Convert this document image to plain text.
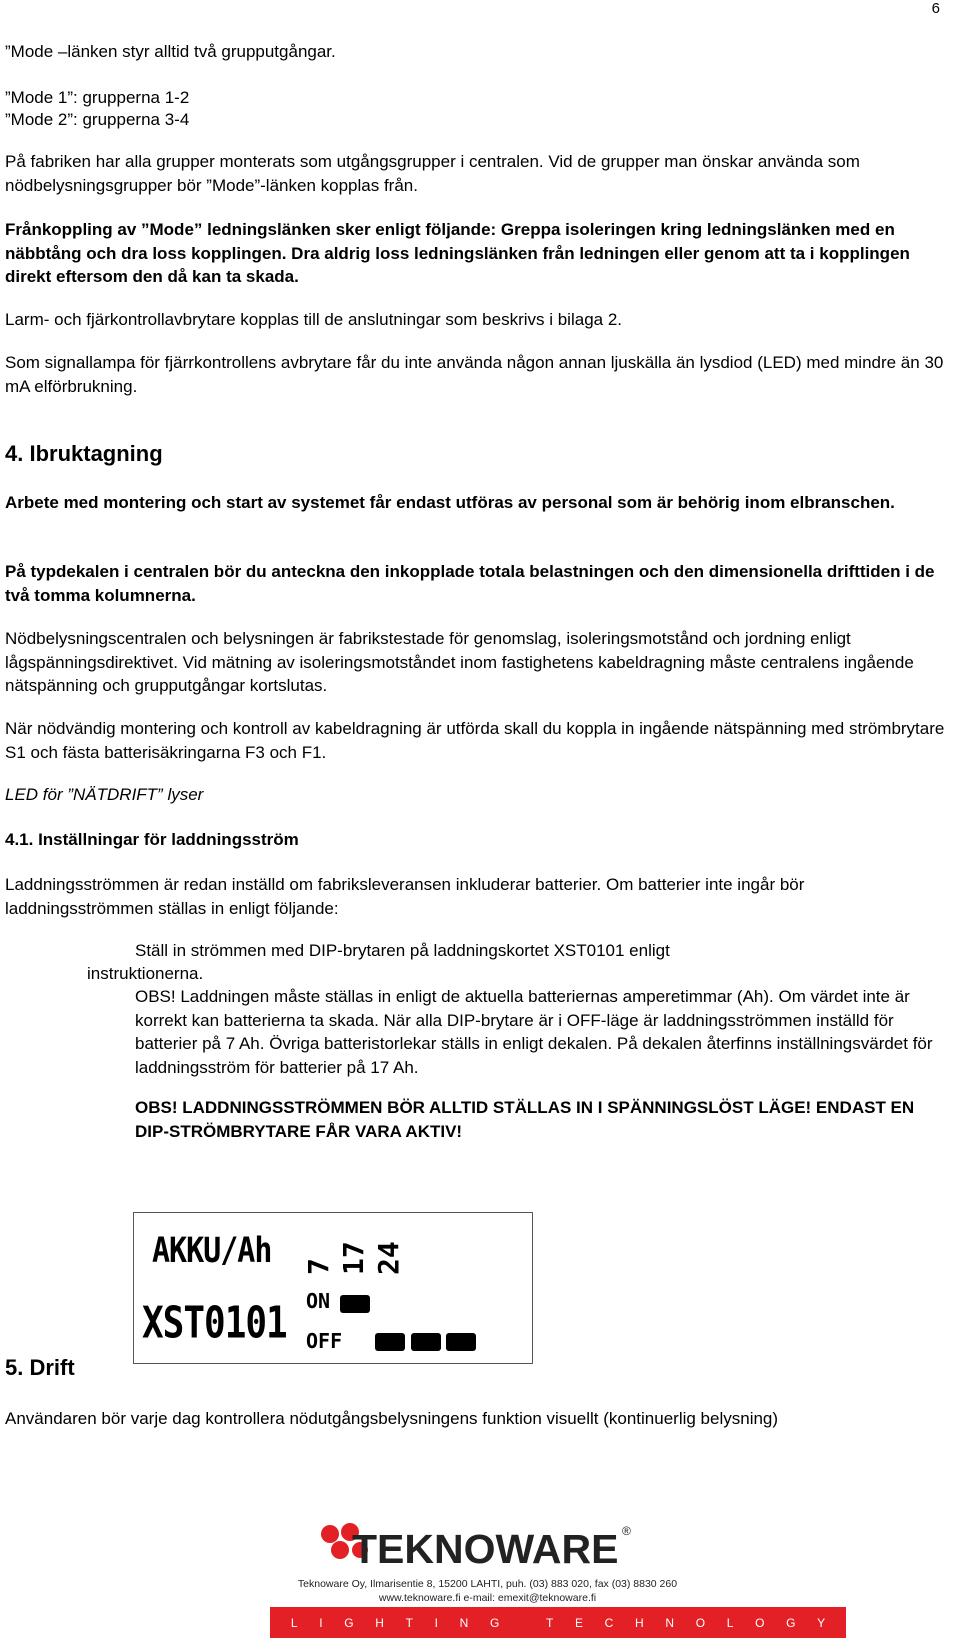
6

”Mode –länken styr alltid två grupputgångar.

”Mode 1”: grupperna 1-2

”Mode 2”: grupperna 3-4

På fabriken har alla grupper monterats som utgångsgrupper i centralen. Vid de grupper man önskar använda som nödbelysningsgrupper bör ”Mode”-länken kopplas från.

Frånkoppling av ”Mode” ledningslänken sker enligt följande: Greppa isoleringen kring ledningslänken med en näbbtång och dra loss kopplingen. Dra aldrig loss ledningslänken från ledningen eller genom att ta i kopplingen direkt eftersom den då kan ta skada.

Larm- och fjärkontrollavbrytare kopplas till de anslutningar som beskrivs i bilaga 2.

Som signallampa för fjärrkontrollens avbrytare får du inte använda någon annan ljuskälla än lysdiod (LED) med mindre än 30 mA elförbrukning.

4. Ibruktagning

Arbete med montering och start av systemet får endast utföras av personal som är behörig inom elbranschen.

På typdekalen i centralen bör du anteckna den inkopplade totala belastningen och den dimensionella drifttiden i de två tomma kolumnerna.

Nödbelysningscentralen och belysningen är fabrikstestade för genomslag, isoleringsmotstånd och jordning enligt lågspänningsdirektivet. Vid mätning av isoleringsmotståndet inom fastighetens kabeldragning måste centralens ingående nätspänning och grupputgångar kortslutas.

När nödvändig montering och kontroll av kabeldragning är utförda skall du koppla in ingående nätspänning med strömbrytare S1 och fästa batterisäkringarna F3 och F1.

LED för ”NÄTDRIFT” lyser

4.1. Inställningar för laddningsström

Laddningsströmmen är redan inställd om fabriksleveransen inkluderar batterier. Om batterier inte ingår bör laddningsströmmen ställas in enligt följande:

Ställ in strömmen med DIP-brytaren på laddningskortet XST0101 enligt

instruktionerna.

OBS! Laddningen måste ställas in enligt de aktuella batteriernas amperetimmar (Ah). Om värdet inte är korrekt kan batterierna ta skada. När alla DIP-brytare är i OFF-läge är laddningsströmmen inställd för batterier på 7 Ah. Övriga batteristorlekar ställs in enligt dekalen. På dekalen återfinns inställningsvärdet för laddningsström för batterier på 17 Ah.

OBS! LADDNINGSSTRÖMMEN BÖR ALLTID STÄLLAS IN I SPÄNNINGSLÖST LÄGE! ENDAST EN DIP-STRÖMBRYTARE FÅR VARA AKTIV!

AKKU/Ah
XST0101 ON
OFF
7 17 24

5. Drift

Användaren bör varje dag kontrollera nödutgångsbelysningens funktion visuellt (kontinuerlig belysning)

TEKNOWARE ®
Teknoware Oy, Ilmarisentie 8, 15200 LAHTI, puh. (03) 883 020, fax (03) 8830 260
www.teknoware.fi e-mail: emexit@teknoware.fi
L I G H T I N G
	T E C H N O L O G Y
